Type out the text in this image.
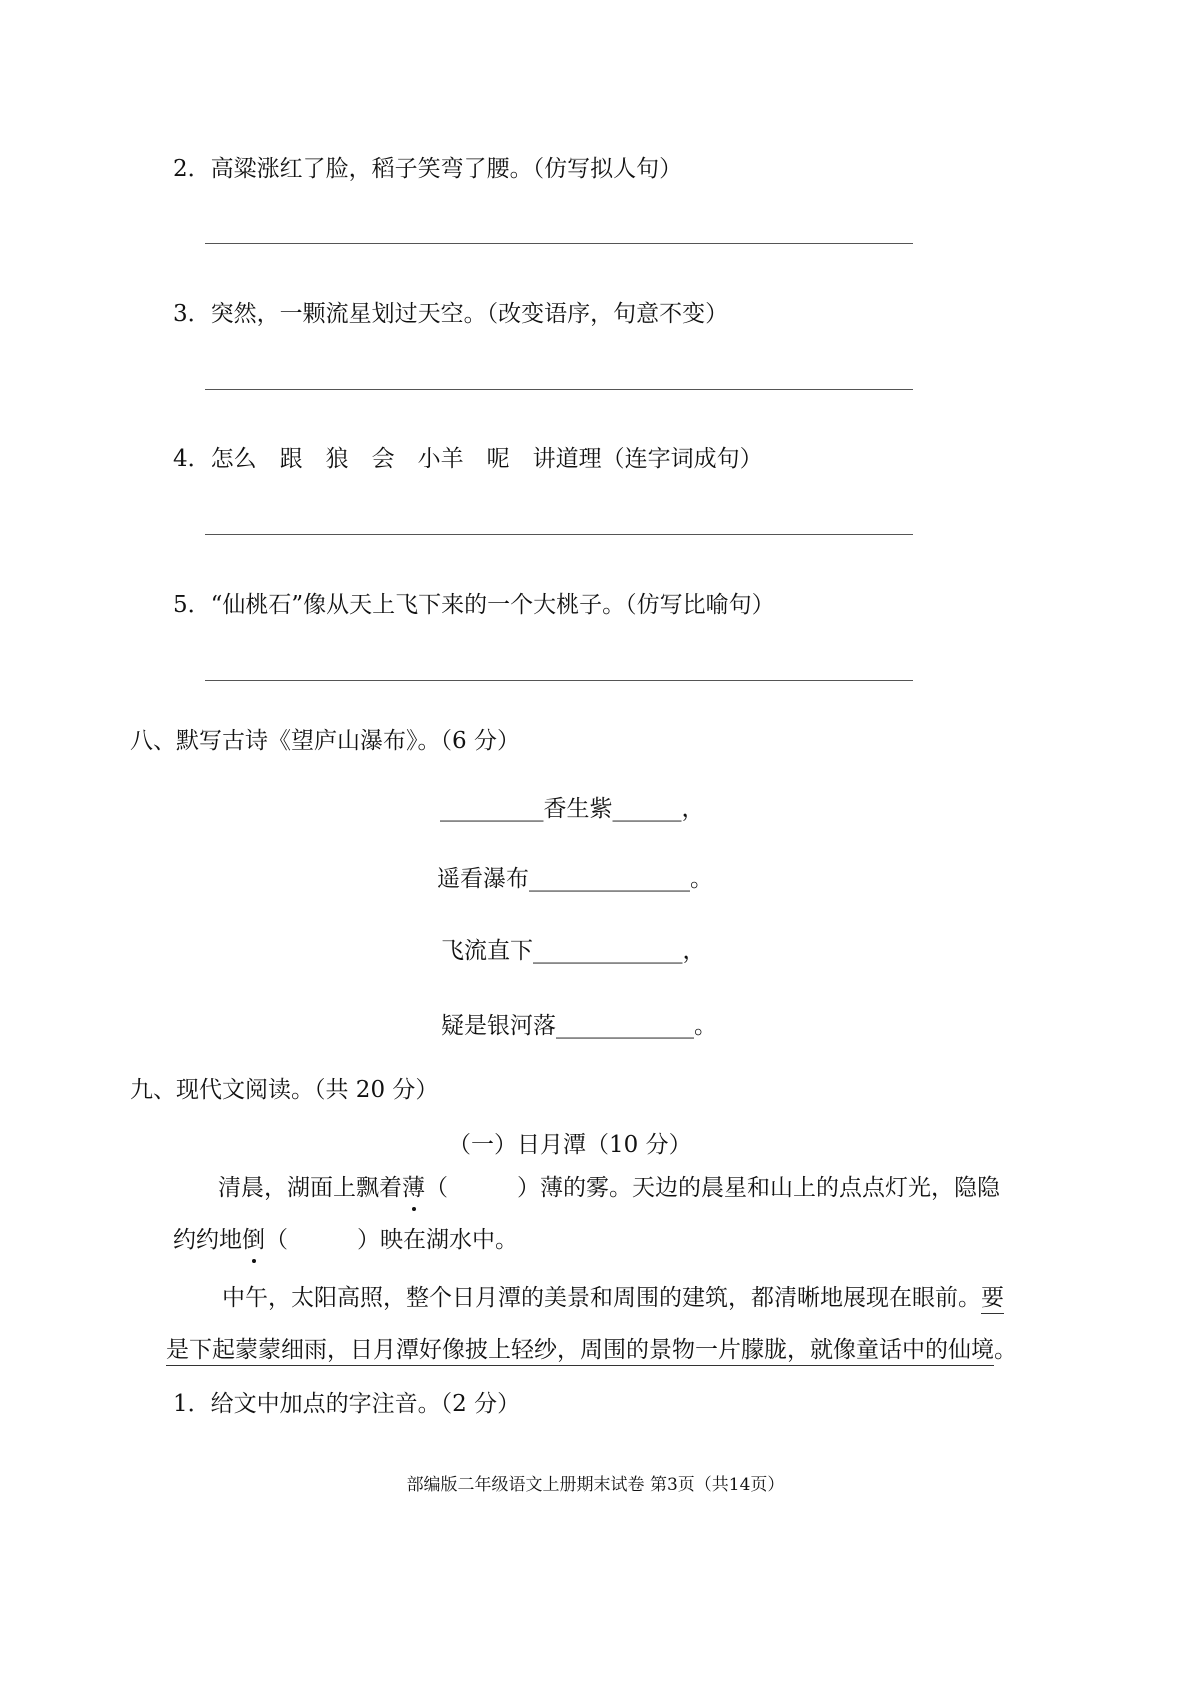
2．高粱涨红了脸，稻子笑弯了腰。（仿写拟人句）
3．突然，一颗流星划过天空。（改变语序，句意不变）
4．怎么　跟　狼　会　小羊　呢　讲道理（连字词成句）
5．“仙桃石”像从天上飞下来的一个大桃子。（仿写比喻句）
八、默写古诗《望庐山瀑布》。（6 分）
_________香生紫______，
遥看瀑布______________。
飞流直下_____________，
疑是银河落____________。
九、现代文阅读。（共 20 分）
（一）日月潭（10 分）
清晨，湖面上飘着薄（　　　）薄的雾。天边的晨星和山上的点点灯光，隐隐
约约地倒（　　　）映在湖水中。
中午，太阳高照，整个日月潭的美景和周围的建筑，都清晰地展现在眼前。要
是下起蒙蒙细雨，日月潭好像披上轻纱，周围的景物一片朦胧，就像童话中的仙境。
1．给文中加点的字注音。（2 分）
部编版二年级语文上册期末试卷 第3页（共14页）
